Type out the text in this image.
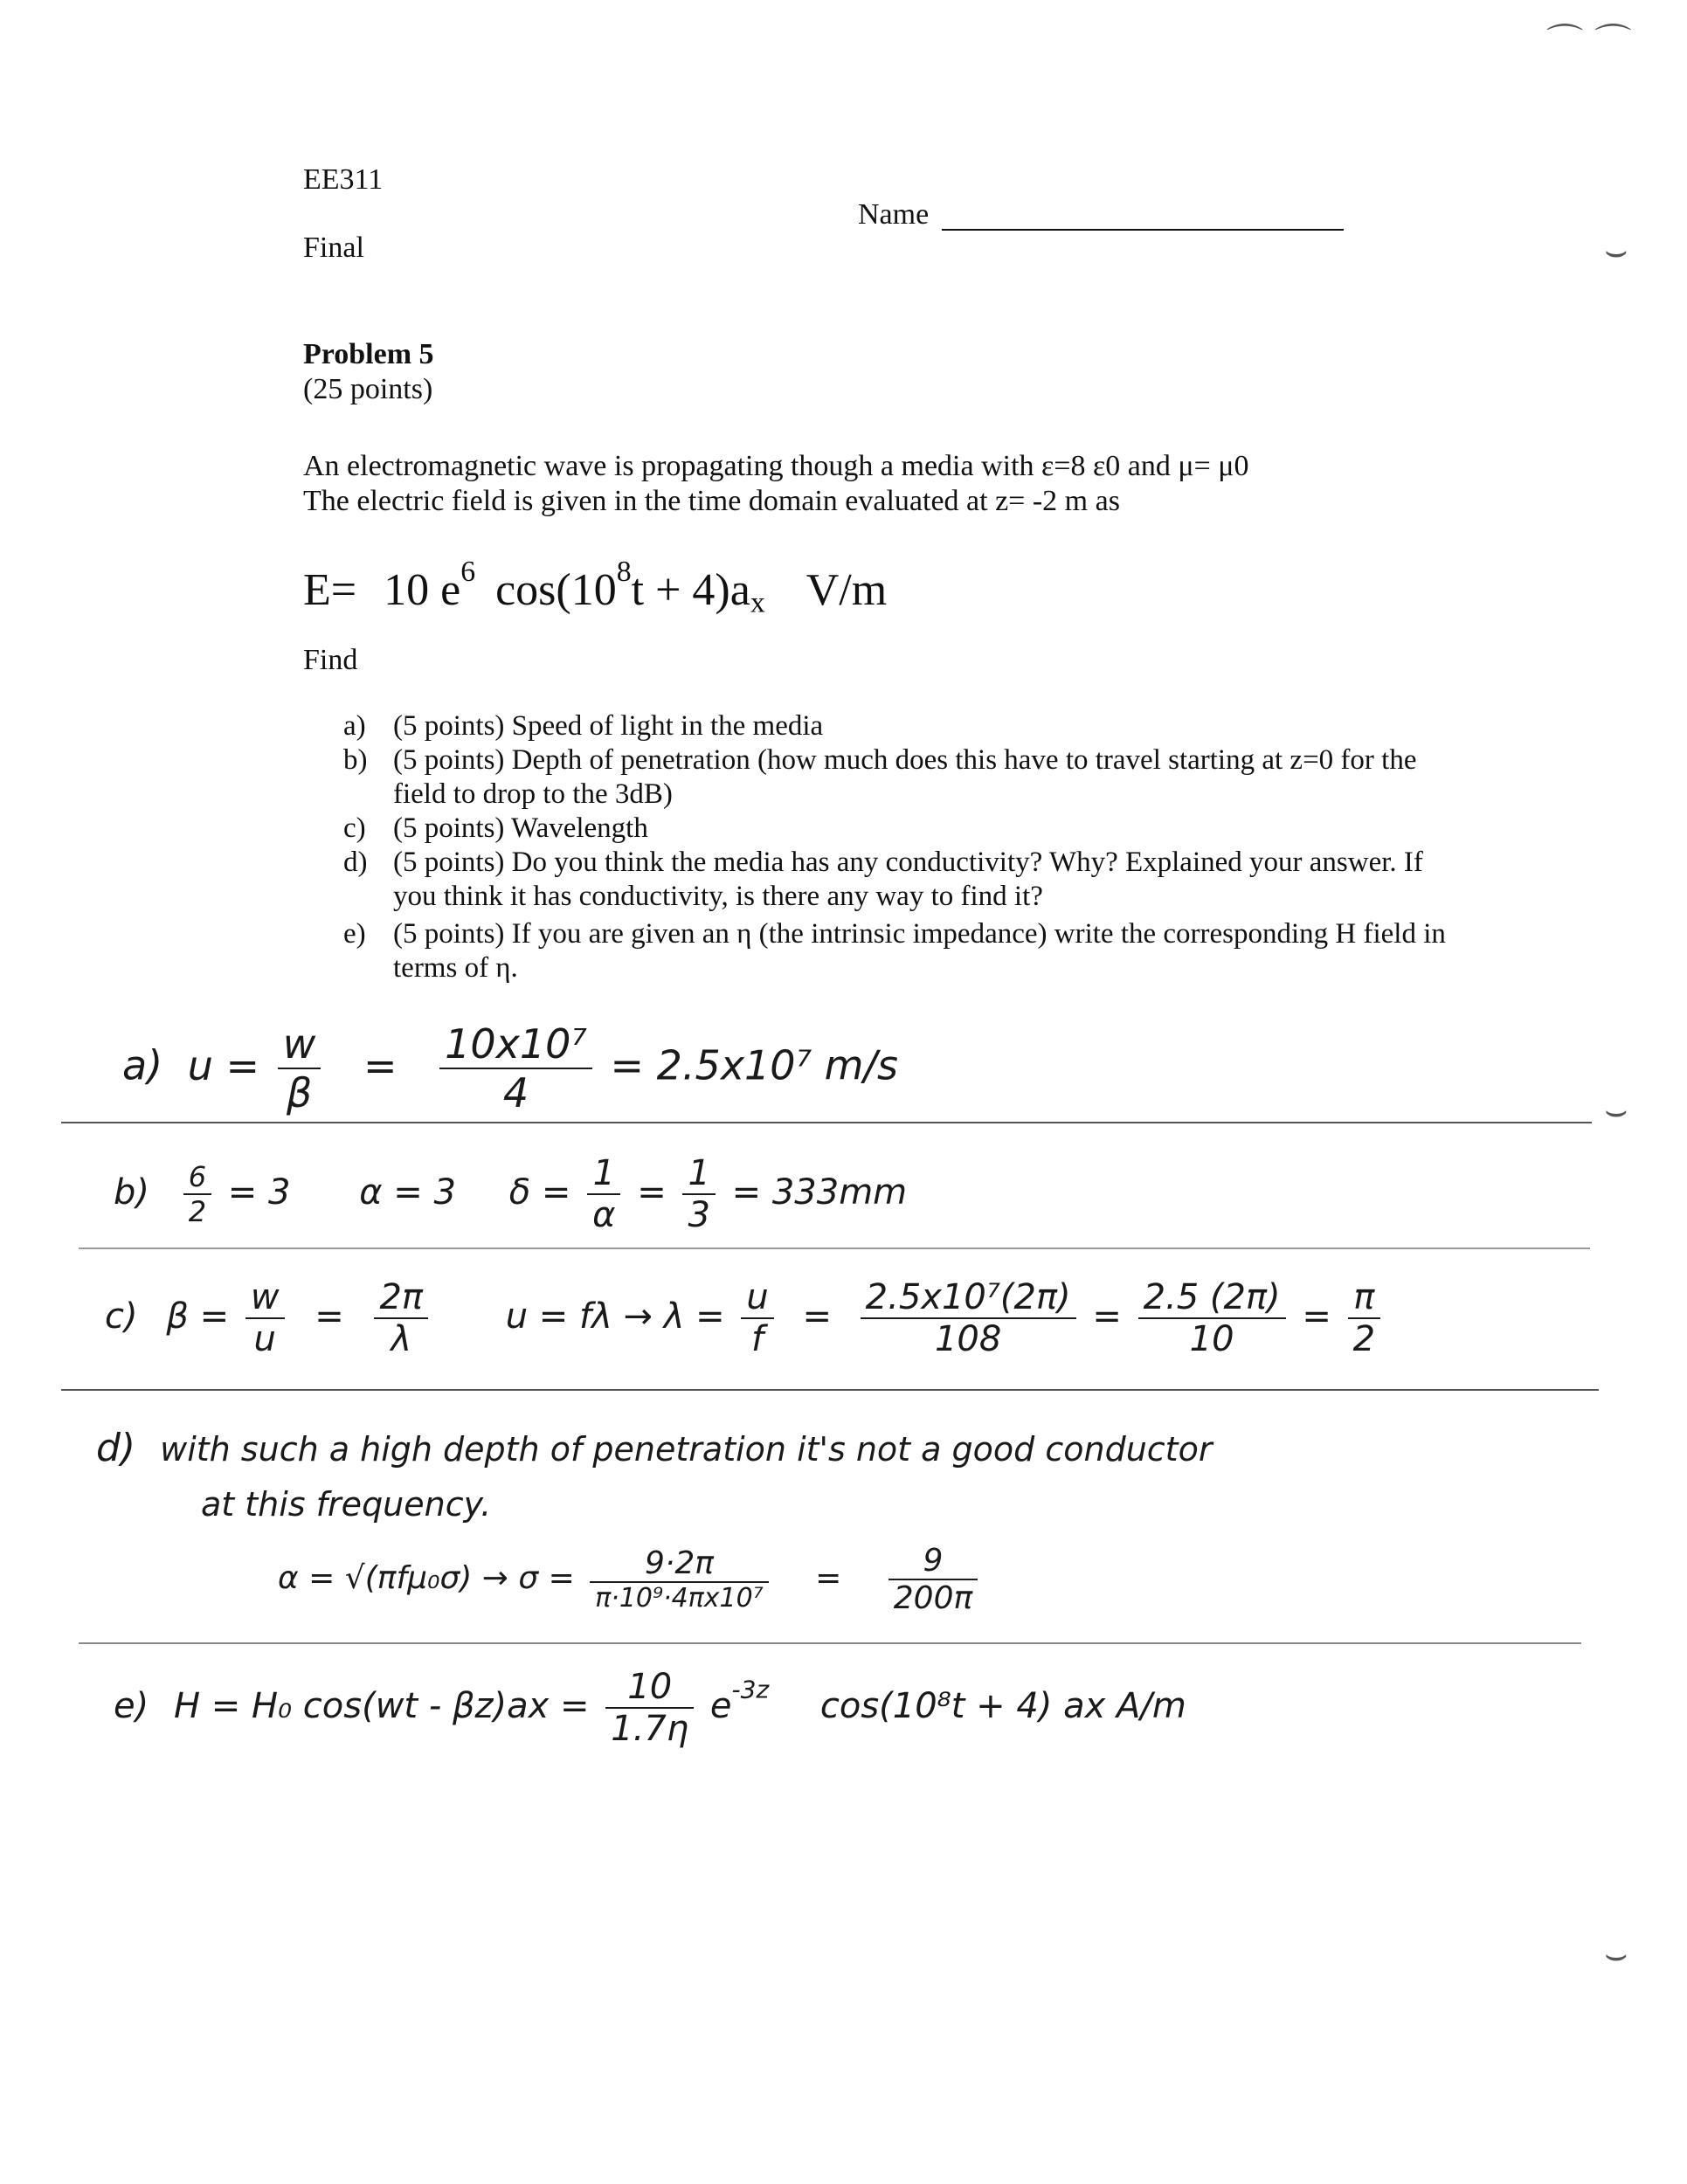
EE311
Final
Name
Problem 5
(25 points)
An electromagnetic wave is propagating though a media with ε=8 ε0 and μ= μ0
The electric field is given in the time domain evaluated at z= -2 m as
E= 10 $e^6$ $\cos(10^8t + 4)a_x$ V/m
Find
a) (5 points) Speed of light in the media
b) (5 points) Depth of penetration (how much does this have to travel starting at z=0 for the field to drop to the 3dB)
c) (5 points) Wavelength
d) (5 points) Do you think the media has any conductivity? Why? Explained your answer. If you think it has conductivity, is there any way to find it?
e) (5 points) If you are given an η (the intrinsic impedance) write the corresponding H field in terms of η.
a) $u = \frac{w}{\beta} = \frac{\text{10x10⁷}}{4} = 2.5x10^7$ m/s
$b) \frac{6}{2} = 3$ α = 3 $\delta = \frac{1}{\alpha} = \frac{1}{3} = 333mm$
c) $\beta = \frac{w}{u} = \frac{2\pi}{\lambda}$ $u = f\lambda \to \lambda = \frac{u}{f} = \frac{\text{2.5x10⁷(2π)}}{108} = \frac{2.5 (2\pi)}{10} = \frac{\pi}{2}$
d) with such a high depth of penetration it's not a good conductor
at this frequency.
$\alpha = √(\pi f\mu_0\sigma) \to \sigma = \frac{9\cdot 2\pi}{\text{π·10⁹·4πx10⁷}} = \frac{9}{200\pi}$
e) H = H₀ $\cos(wt - \beta z)ax = \frac{10}{1.7\eta} e^{-3z}$ cos(10⁸t + 4) ax A/m
⌒ ⌒
⌣
⌣
⌣
